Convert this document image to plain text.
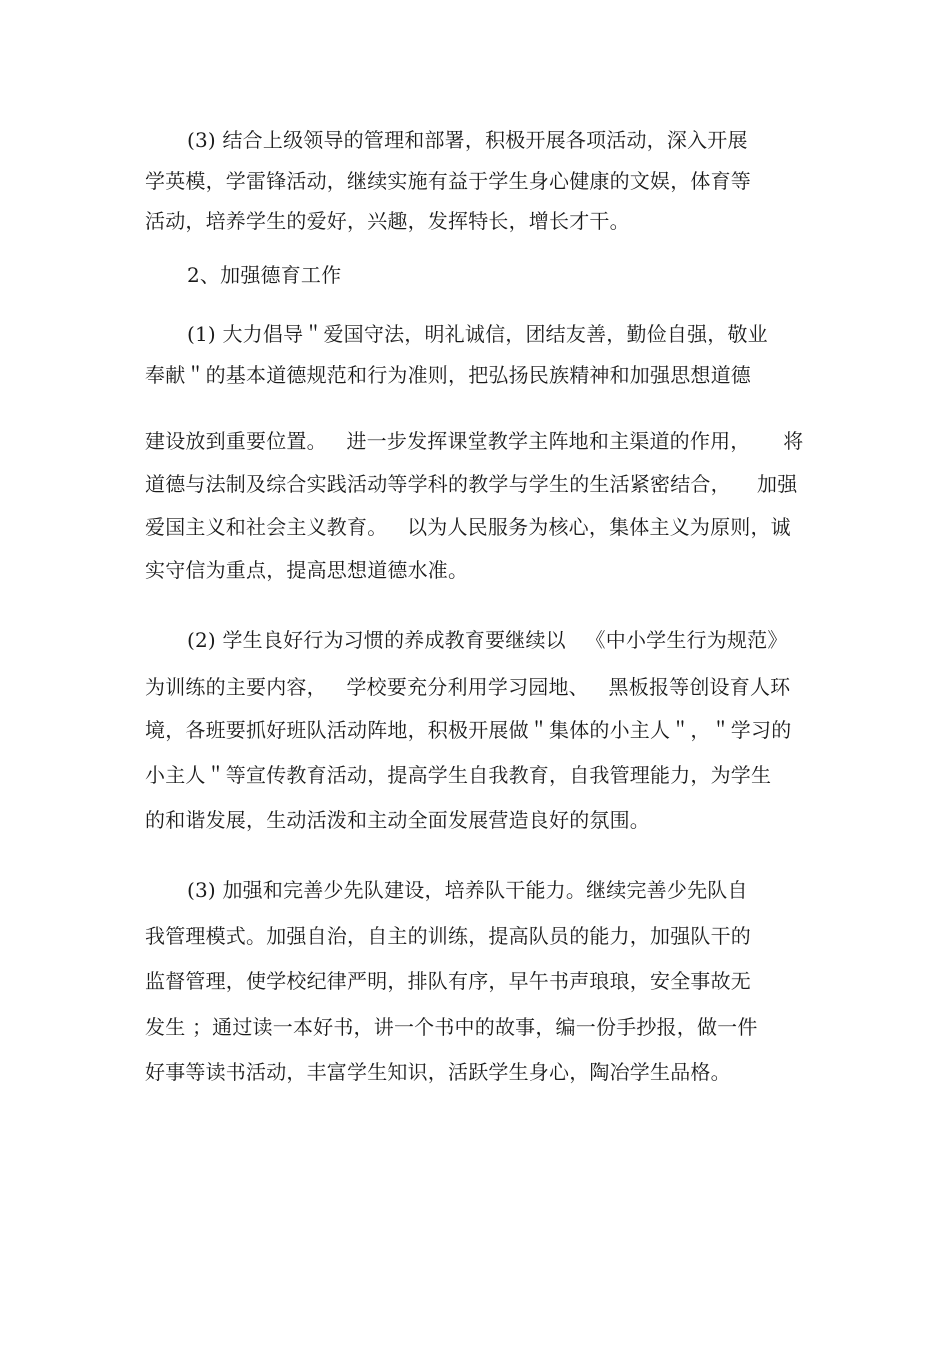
(3) 结合上级领导的管理和部署，积极开展各项活动，深入开展
学英模，学雷锋活动，继续实施有益于学生身心健康的文娱，体育等
活动，培养学生的爱好，兴趣，发挥特长，增长才干。
2、加强德育工作
(1) 大力倡导＂爱国守法，明礼诚信，团结友善，勤俭自强，敬业
奉献＂的基本道德规范和行为准则，把弘扬民族精神和加强思想道德
建设放到重要位置。   进一步发挥课堂教学主阵地和主渠道的作用，     将
道德与法制及综合实践活动等学科的教学与学生的生活紧密结合，    加强
爱国主义和社会主义教育。   以为人民服务为核心，集体主义为原则，诚
实守信为重点，提高思想道德水准。
(2) 学生良好行为习惯的养成教育要继续以   《中小学生行为规范》
为训练的主要内容，   学校要充分利用学习园地、   黑板报等创设育人环
境，各班要抓好班队活动阵地，积极开展做＂集体的小主人＂，＂学习的
小主人＂等宣传教育活动，提高学生自我教育，自我管理能力，为学生
的和谐发展，生动活泼和主动全面发展营造良好的氛围。
(3) 加强和完善少先队建设，培养队干能力。继续完善少先队自
我管理模式。加强自治，自主的训练，提高队员的能力，加强队干的
监督管理，使学校纪律严明，排队有序，早午书声琅琅，安全事故无
发生 ；通过读一本好书，讲一个书中的故事，编一份手抄报，做一件
好事等读书活动，丰富学生知识，活跃学生身心，陶冶学生品格。
